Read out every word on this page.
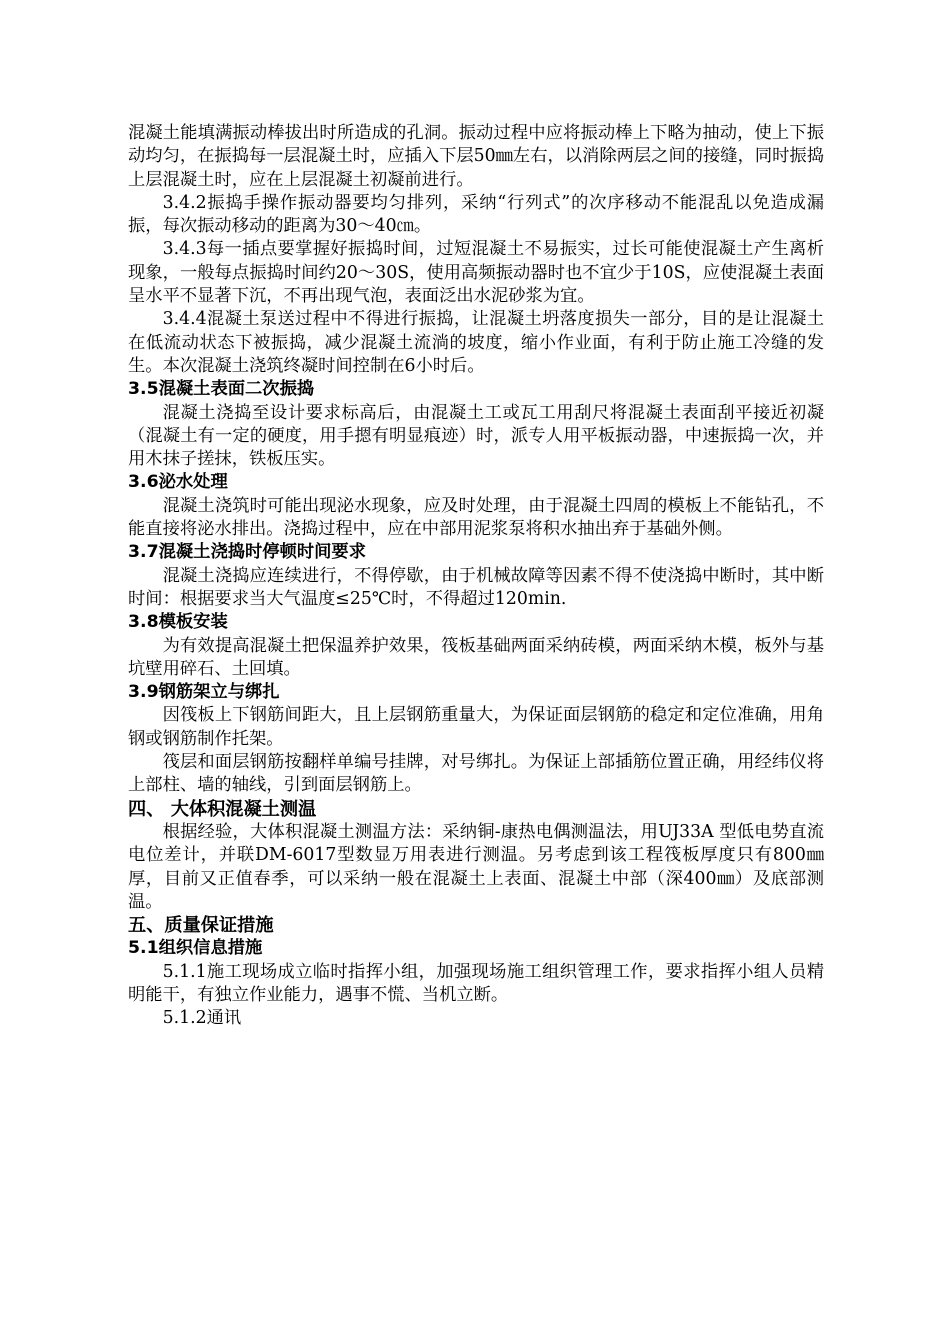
混凝土能填满振动棒拔出时所造成的孔洞。振动过程中应将振动棒上下略为抽动，使上下振动均匀，在振捣每一层混凝土时，应插入下层50㎜左右，以消除两层之间的接缝，同时振捣上层混凝土时，应在上层混凝土初凝前进行。

3.4.2振捣手操作振动器要均匀排列，采纳“行列式”的次序移动不能混乱以免造成漏振，每次振动移动的距离为30～40㎝。

3.4.3每一插点要掌握好振捣时间，过短混凝土不易振实，过长可能使混凝土产生离析现象，一般每点振捣时间约20～30S，使用高频振动器时也不宜少于10S，应使混凝土表面呈水平不显著下沉，不再出现气泡，表面泛出水泥砂浆为宜。

3.4.4混凝土泵送过程中不得进行振捣，让混凝土坍落度损失一部分，目的是让混凝土在低流动状态下被振捣，减少混凝土流淌的坡度，缩小作业面，有利于防止施工冷缝的发生。本次混凝土浇筑终凝时间控制在6小时后。

3.5混凝土表面二次振捣

混凝土浇捣至设计要求标高后，由混凝土工或瓦工用刮尺将混凝土表面刮平接近初凝（混凝土有一定的硬度，用手摁有明显痕迹）时，派专人用平板振动器，中速振捣一次，并用木抹子搓抹，铁板压实。

3.6泌水处理

混凝土浇筑时可能出现泌水现象，应及时处理，由于混凝土四周的模板上不能钻孔，不能直接将泌水排出。浇捣过程中，应在中部用泥浆泵将积水抽出弃于基础外侧。

3.7混凝土浇捣时停顿时间要求

混凝土浇捣应连续进行，不得停歇，由于机械故障等因素不得不使浇捣中断时，其中断时间：根据要求当大气温度≤25℃时，不得超过120min.

3.8模板安装

为有效提高混凝土把保温养护效果，筏板基础两面采纳砖模，两面采纳木模，板外与基坑壁用碎石、土回填。

3.9钢筋架立与绑扎

因筏板上下钢筋间距大，且上层钢筋重量大，为保证面层钢筋的稳定和定位准确，用角钢或钢筋制作托架。

筏层和面层钢筋按翻样单编号挂牌，对号绑扎。为保证上部插筋位置正确，用经纬仪将上部柱、墙的轴线，引到面层钢筋上。

四、 大体积混凝土测温

根据经验，大体积混凝土测温方法：采纳铜-康热电偶测温法，用UJ33A 型低电势直流电位差计，并联DM-6017型数显万用表进行测温。另考虑到该工程筏板厚度只有800㎜厚，目前又正值春季，可以采纳一般在混凝土上表面、混凝土中部（深400㎜）及底部测温。

五、质量保证措施
5.1组织信息措施

5.1.1施工现场成立临时指挥小组，加强现场施工组织管理工作，要求指挥小组人员精明能干，有独立作业能力，遇事不慌、当机立断。

5.1.2通讯
